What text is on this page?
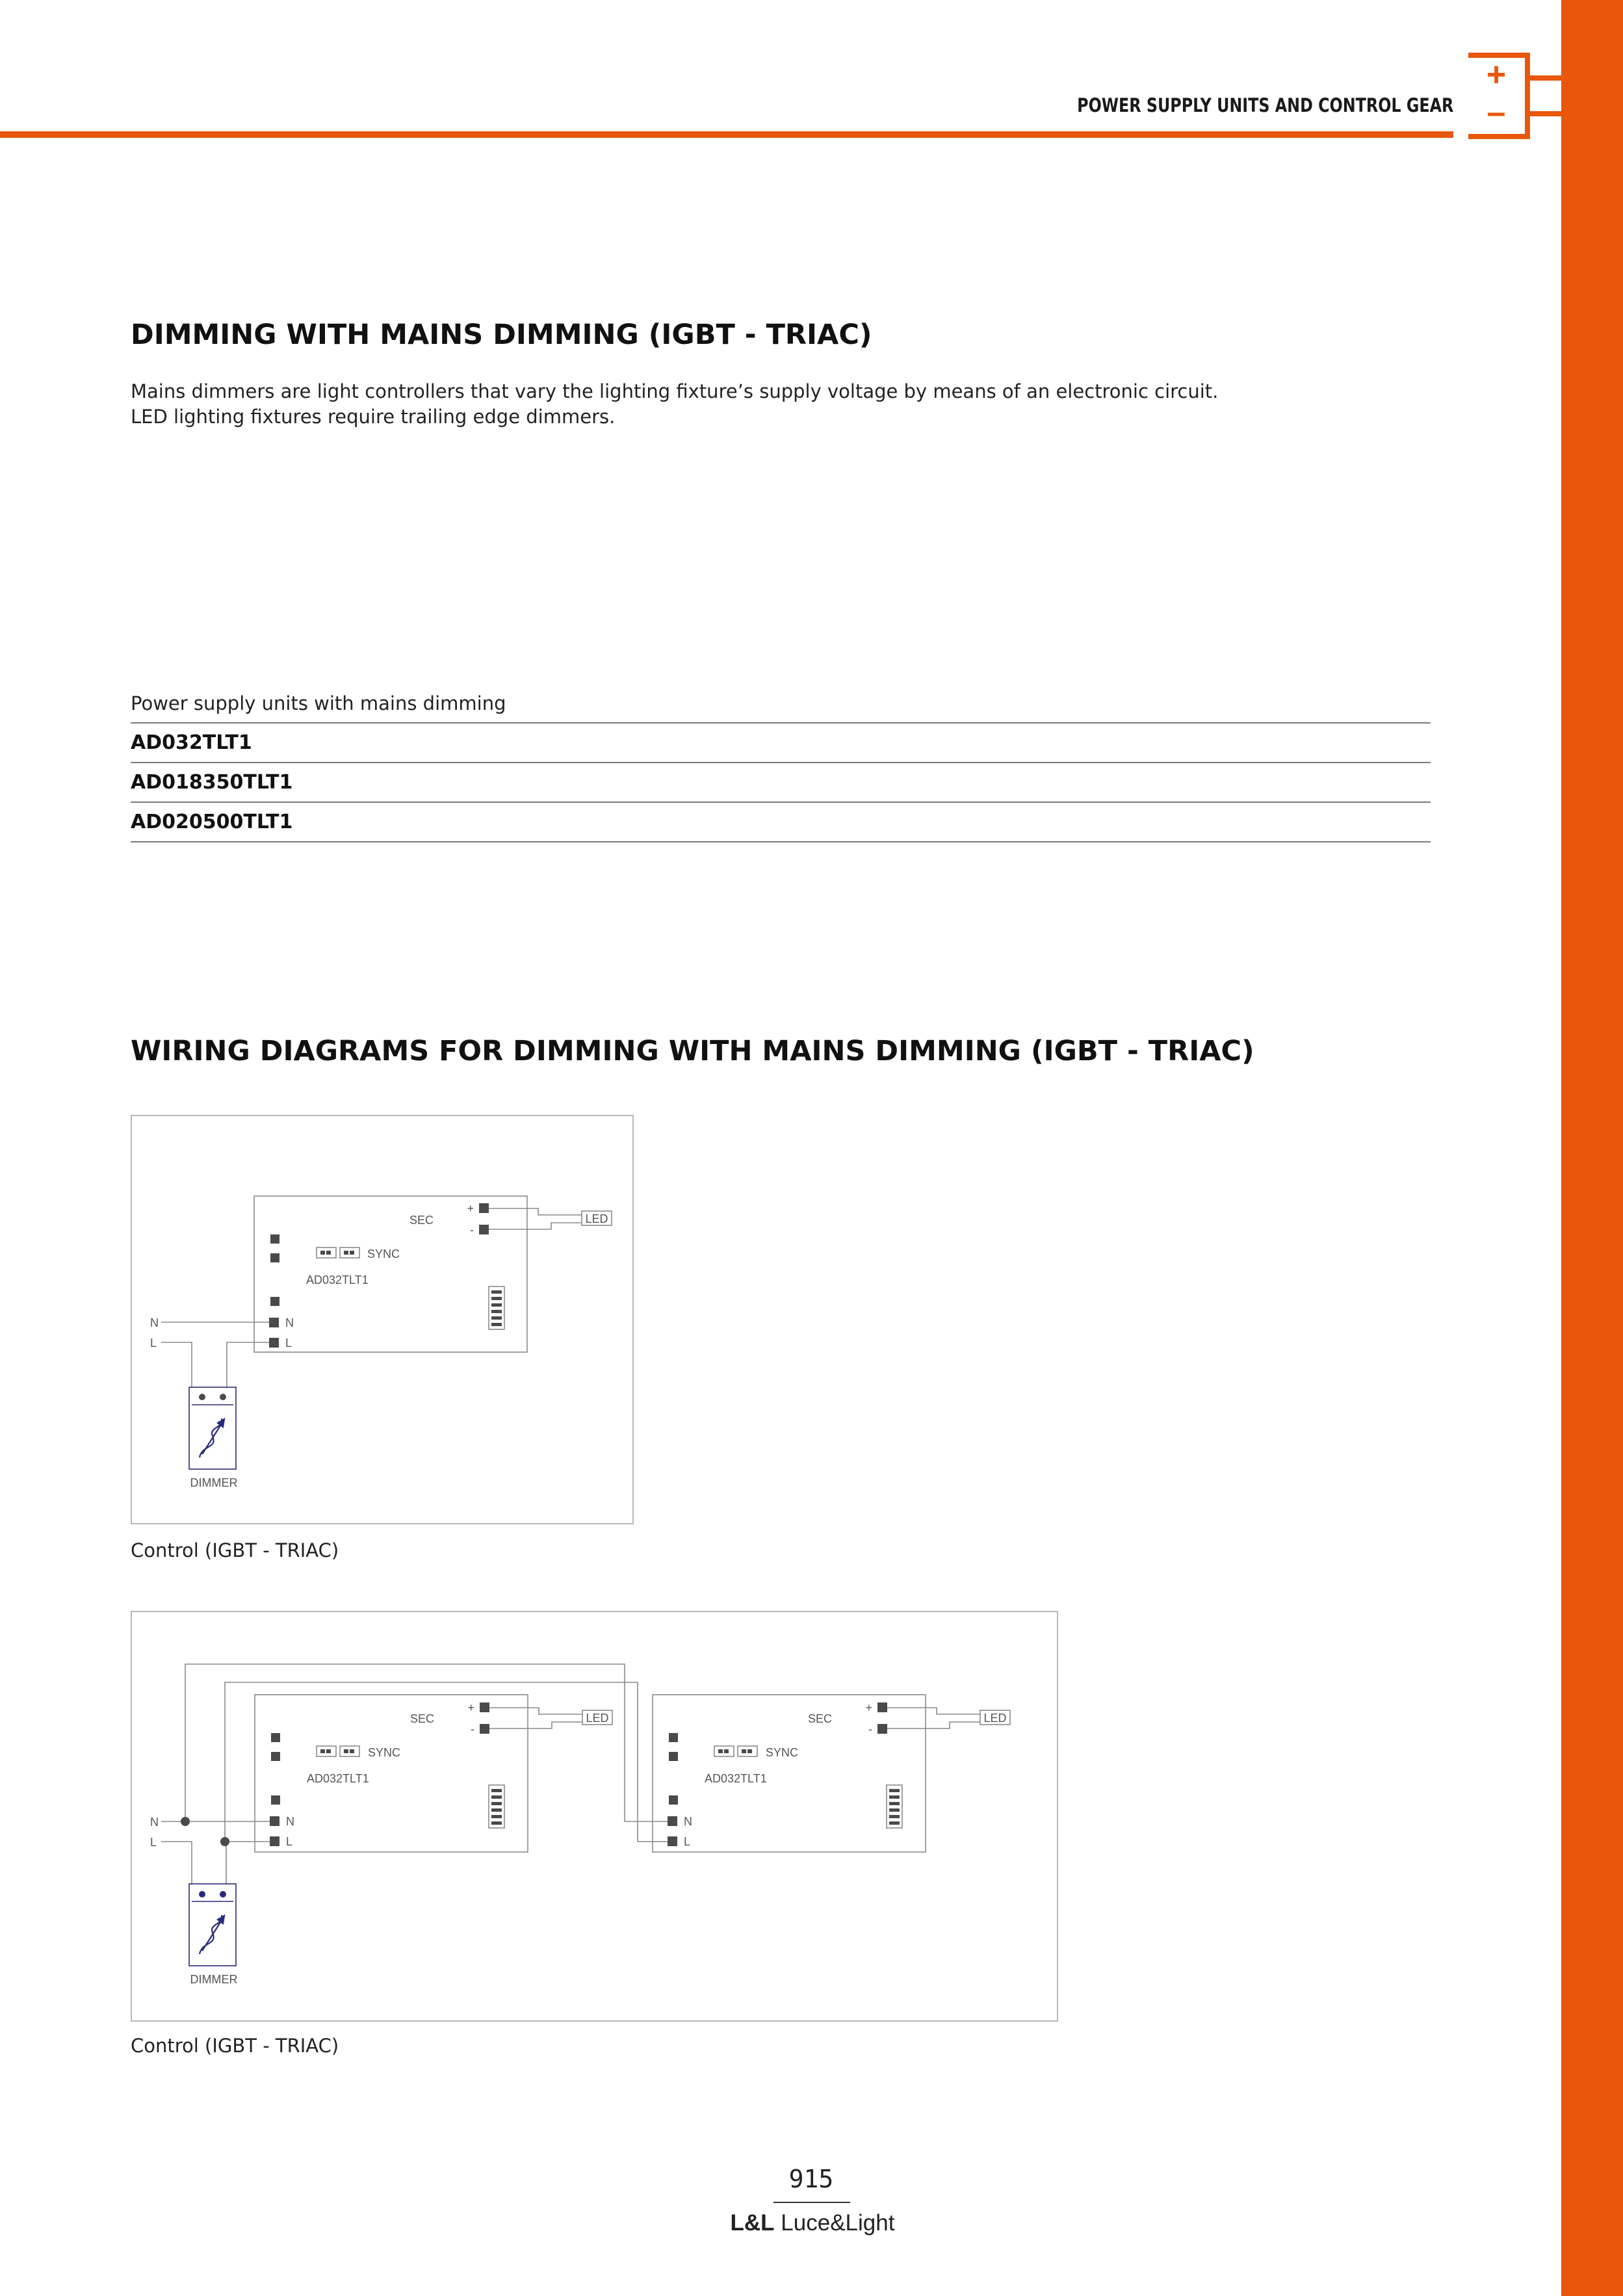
+
–
POWER SUPPLY UNITS AND CONTROL GEAR
DIMMING WITH MAINS DIMMING (IGBT - TRIAC)

Mains dimmers are light controllers that vary the lighting fixture’s supply voltage by means of an electronic circuit.

LED lighting fixtures require trailing edge dimmers.

Power supply units with mains dimming
AD032TLT1
AD018350TLT1
AD020500TLT1
WIRING DIAGRAMS FOR DIMMING WITH MAINS DIMMING (IGBT - TRIAC)
SEC
+
-
SYNC
AD032TLT1
N
L
LED
N
L
DIMMER
Control (IGBT - TRIAC)
SEC
+
-
SYNC
AD032TLT1
N
L
LED	SEC
+
-
SYNC
AD032TLT1
N
L
LED
N
L
DIMMER
Control (IGBT - TRIAC)
915
L&L Luce&Light
